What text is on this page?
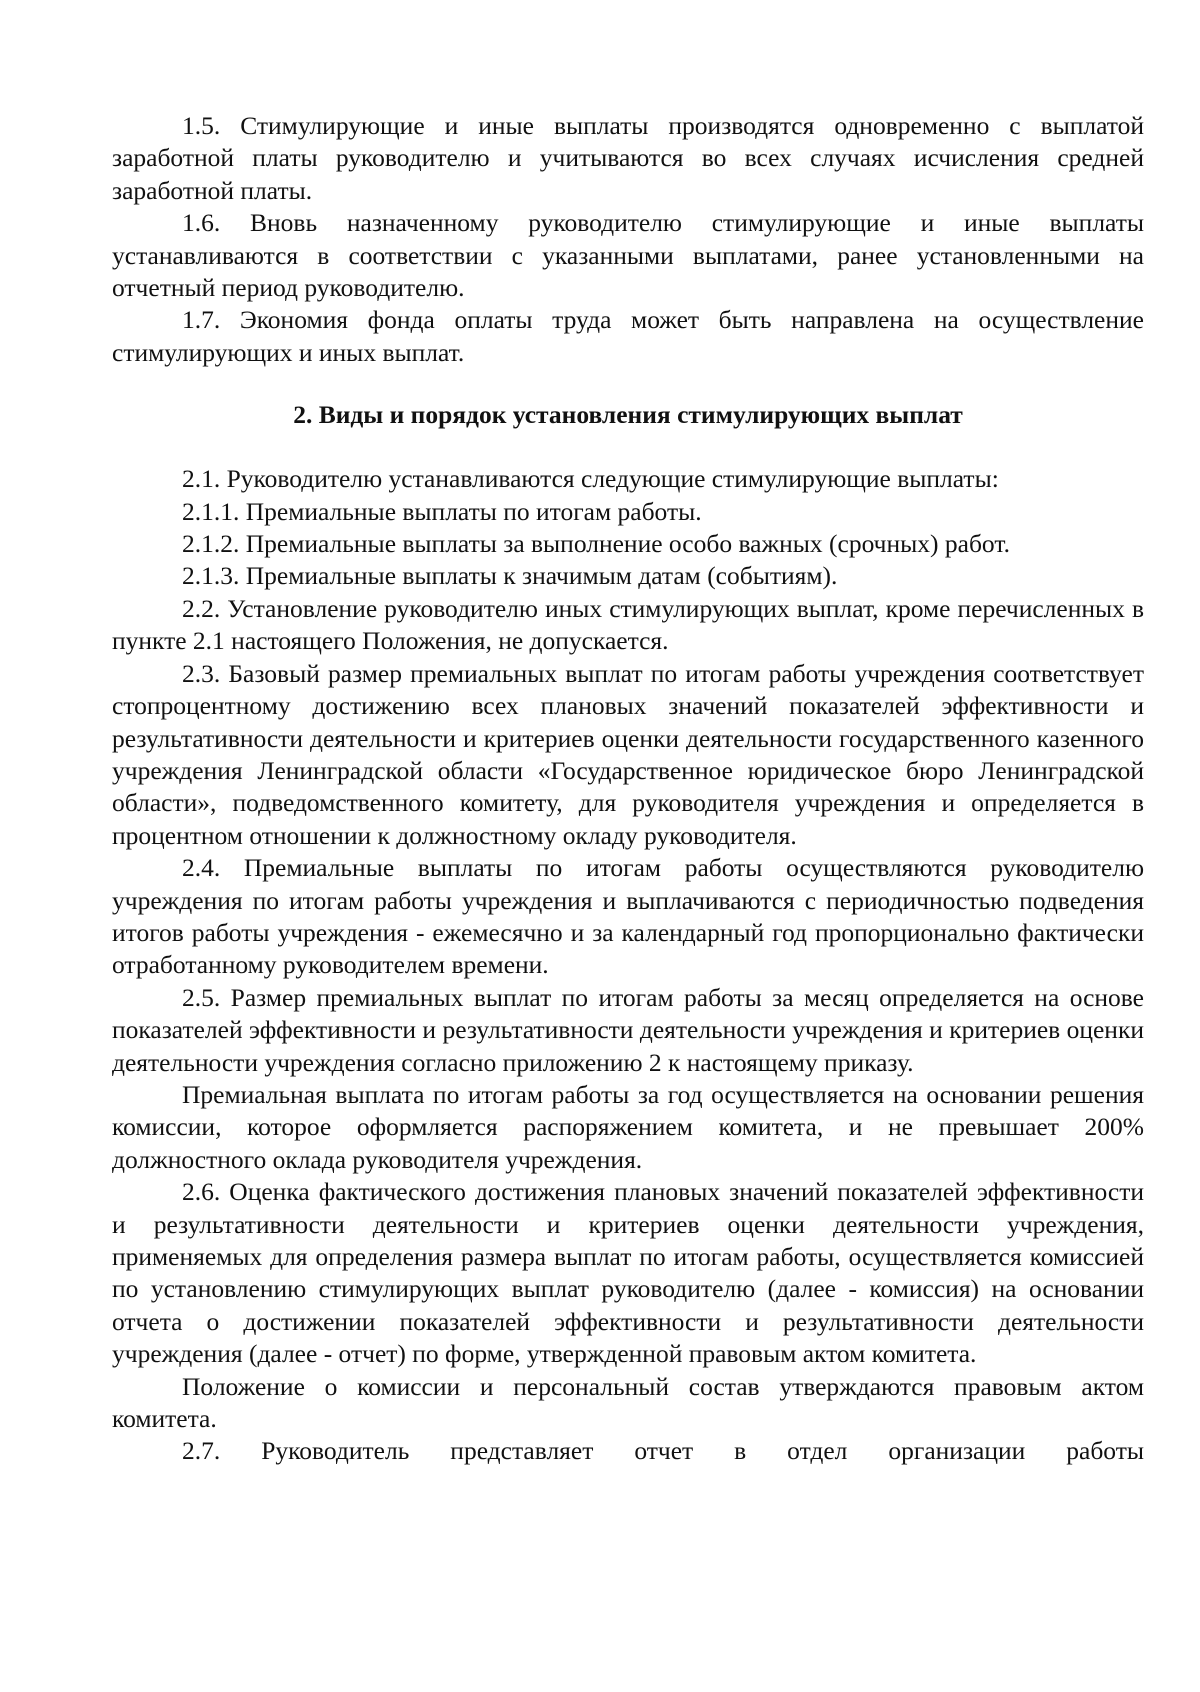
1.5. Стимулирующие и иные выплаты производятся одновременно с выплатой заработной платы руководителю и учитываются во всех случаях исчисления средней заработной платы.

1.6. Вновь назначенному руководителю стимулирующие и иные выплаты устанавливаются в соответствии с указанными выплатами, ранее установленными на отчетный период руководителю.

1.7. Экономия фонда оплаты труда может быть направлена на осуществление стимулирующих и иных выплат.

2. Виды и порядок установления стимулирующих выплат

2.1. Руководителю устанавливаются следующие стимулирующие выплаты:

2.1.1. Премиальные выплаты по итогам работы.

2.1.2. Премиальные выплаты за выполнение особо важных (срочных) работ.

2.1.3. Премиальные выплаты к значимым датам (событиям).

2.2. Установление руководителю иных стимулирующих выплат, кроме перечисленных в пункте 2.1 настоящего Положения, не допускается.

2.3. Базовый размер премиальных выплат по итогам работы учреждения соответствует стопроцентному достижению всех плановых значений показателей эффективности и результативности деятельности и критериев оценки деятельности государственного казенного учреждения Ленинградской области «Государственное юридическое бюро Ленинградской области», подведомственного комитету, для руководителя учреждения и определяется в процентном отношении к должностному окладу руководителя.

2.4. Премиальные выплаты по итогам работы осуществляются руководителю учреждения по итогам работы учреждения и выплачиваются с периодичностью подведения итогов работы учреждения - ежемесячно и за календарный год пропорционально фактически отработанному руководителем времени.

2.5. Размер премиальных выплат по итогам работы за месяц определяется на основе показателей эффективности и результативности деятельности учреждения и критериев оценки деятельности учреждения согласно приложению 2 к настоящему приказу.

Премиальная выплата по итогам работы за год осуществляется на основании решения комиссии, которое оформляется распоряжением комитета, и не превышает 200% должностного оклада руководителя учреждения.

2.6. Оценка фактического достижения плановых значений показателей эффективности и результативности деятельности и критериев оценки деятельности учреждения, применяемых для определения размера выплат по итогам работы, осуществляется комиссией по установлению стимулирующих выплат руководителю (далее - комиссия) на основании отчета о достижении показателей эффективности и результативности деятельности учреждения (далее - отчет) по форме, утвержденной правовым актом комитета.

Положение о комиссии и персональный состав утверждаются правовым актом комитета.

2.7. Руководитель представляет отчет в отдел организации работы
